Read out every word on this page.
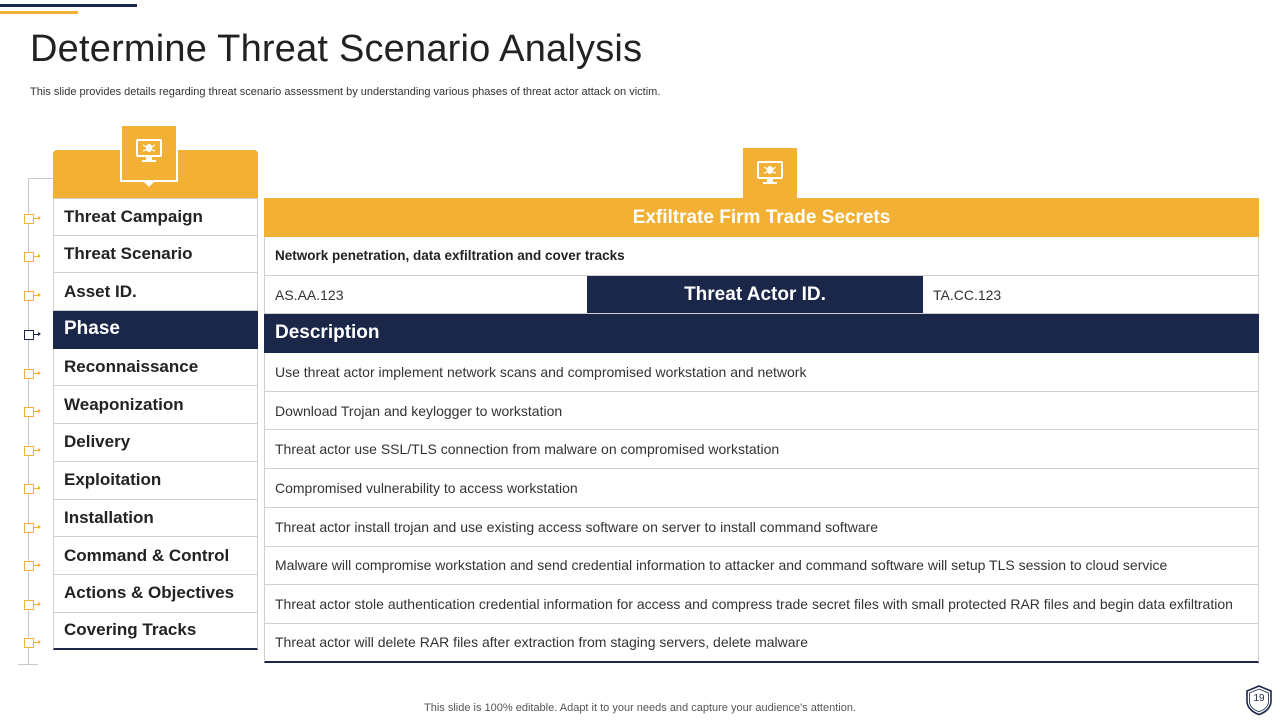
Determine Threat Scenario Analysis
This slide provides details regarding threat scenario assessment by understanding various phases of threat actor attack on victim.
Threat Campaign
Threat Scenario
Asset ID.
Phase
Reconnaissance
Weaponization
Delivery
Exploitation
Installation
Command & Control
Actions & Objectives
Covering Tracks
Exfiltrate Firm Trade Secrets
Network penetration, data exfiltration and cover tracks
AS.AA.123	Threat Actor ID.	TA.CC.123
Description
Use threat actor implement network scans and compromised workstation and network
Download Trojan and keylogger to workstation
Threat actor use SSL/TLS connection from malware on compromised workstation
Compromised vulnerability to access workstation
Threat actor install trojan and use existing access software on server to install command software
Malware will compromise workstation and send credential information to attacker and command software will setup TLS session to cloud service
Threat actor stole authentication credential information for access and compress trade secret files with small protected RAR files and begin data exfiltration
Threat actor will delete RAR files after extraction from staging servers, delete malware
This slide is 100% editable. Adapt it to your needs and capture your audience's attention.
19
